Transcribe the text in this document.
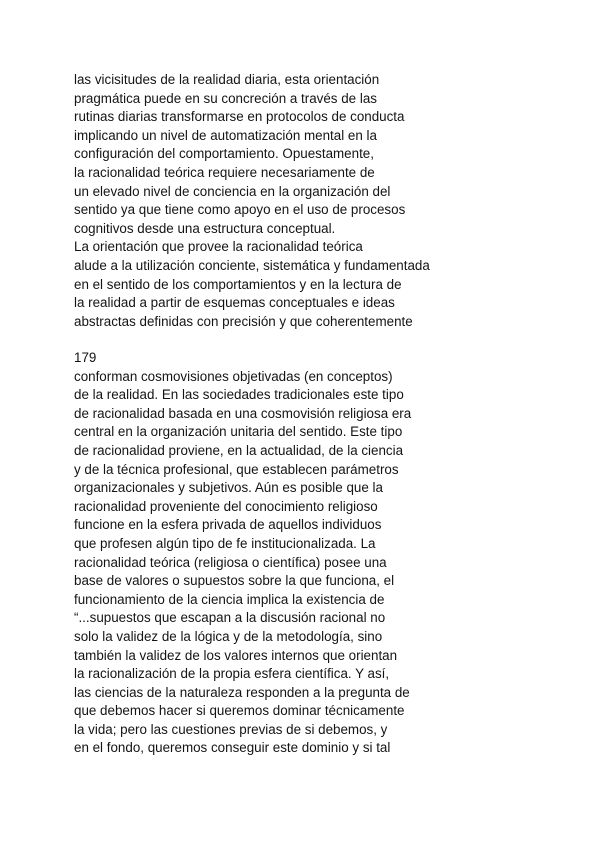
las vicisitudes de la realidad diaria, esta orientación
pragmática puede en su concreción a través de las
rutinas diarias transformarse en protocolos de conducta
implicando un nivel de automatización mental en la
configuración del comportamiento. Opuestamente,
la racionalidad teórica requiere necesariamente de
un elevado nivel de conciencia en la organización del
sentido ya que tiene como apoyo en el uso de procesos
cognitivos desde una estructura conceptual.
La orientación que provee la racionalidad teórica
alude a la utilización conciente, sistemática y fundamentada
en el sentido de los comportamientos y en la lectura de
la realidad a partir de esquemas conceptuales e ideas
abstractas definidas con precisión y que coherentemente
179
conforman cosmovisiones objetivadas (en conceptos)
de la realidad. En las sociedades tradicionales este tipo
de racionalidad basada en una cosmovisión religiosa era
central en la organización unitaria del sentido. Este tipo
de racionalidad proviene, en la actualidad, de la ciencia
y de la técnica profesional, que establecen parámetros
organizacionales y subjetivos. Aún es posible que la
racionalidad proveniente del conocimiento religioso
funcione en la esfera privada de aquellos individuos
que profesen algún tipo de fe institucionalizada. La
racionalidad teórica (religiosa o científica) posee una
base de valores o supuestos sobre la que funciona, el
funcionamiento de la ciencia implica la existencia de
“...supuestos que escapan a la discusión racional no
solo la validez de la lógica y de la metodología, sino
también la validez de los valores internos que orientan
la racionalización de la propia esfera científica. Y así,
las ciencias de la naturaleza responden a la pregunta de
que debemos hacer si queremos dominar técnicamente
la vida; pero las cuestiones previas de si debemos, y
en el fondo, queremos conseguir este dominio y si tal
